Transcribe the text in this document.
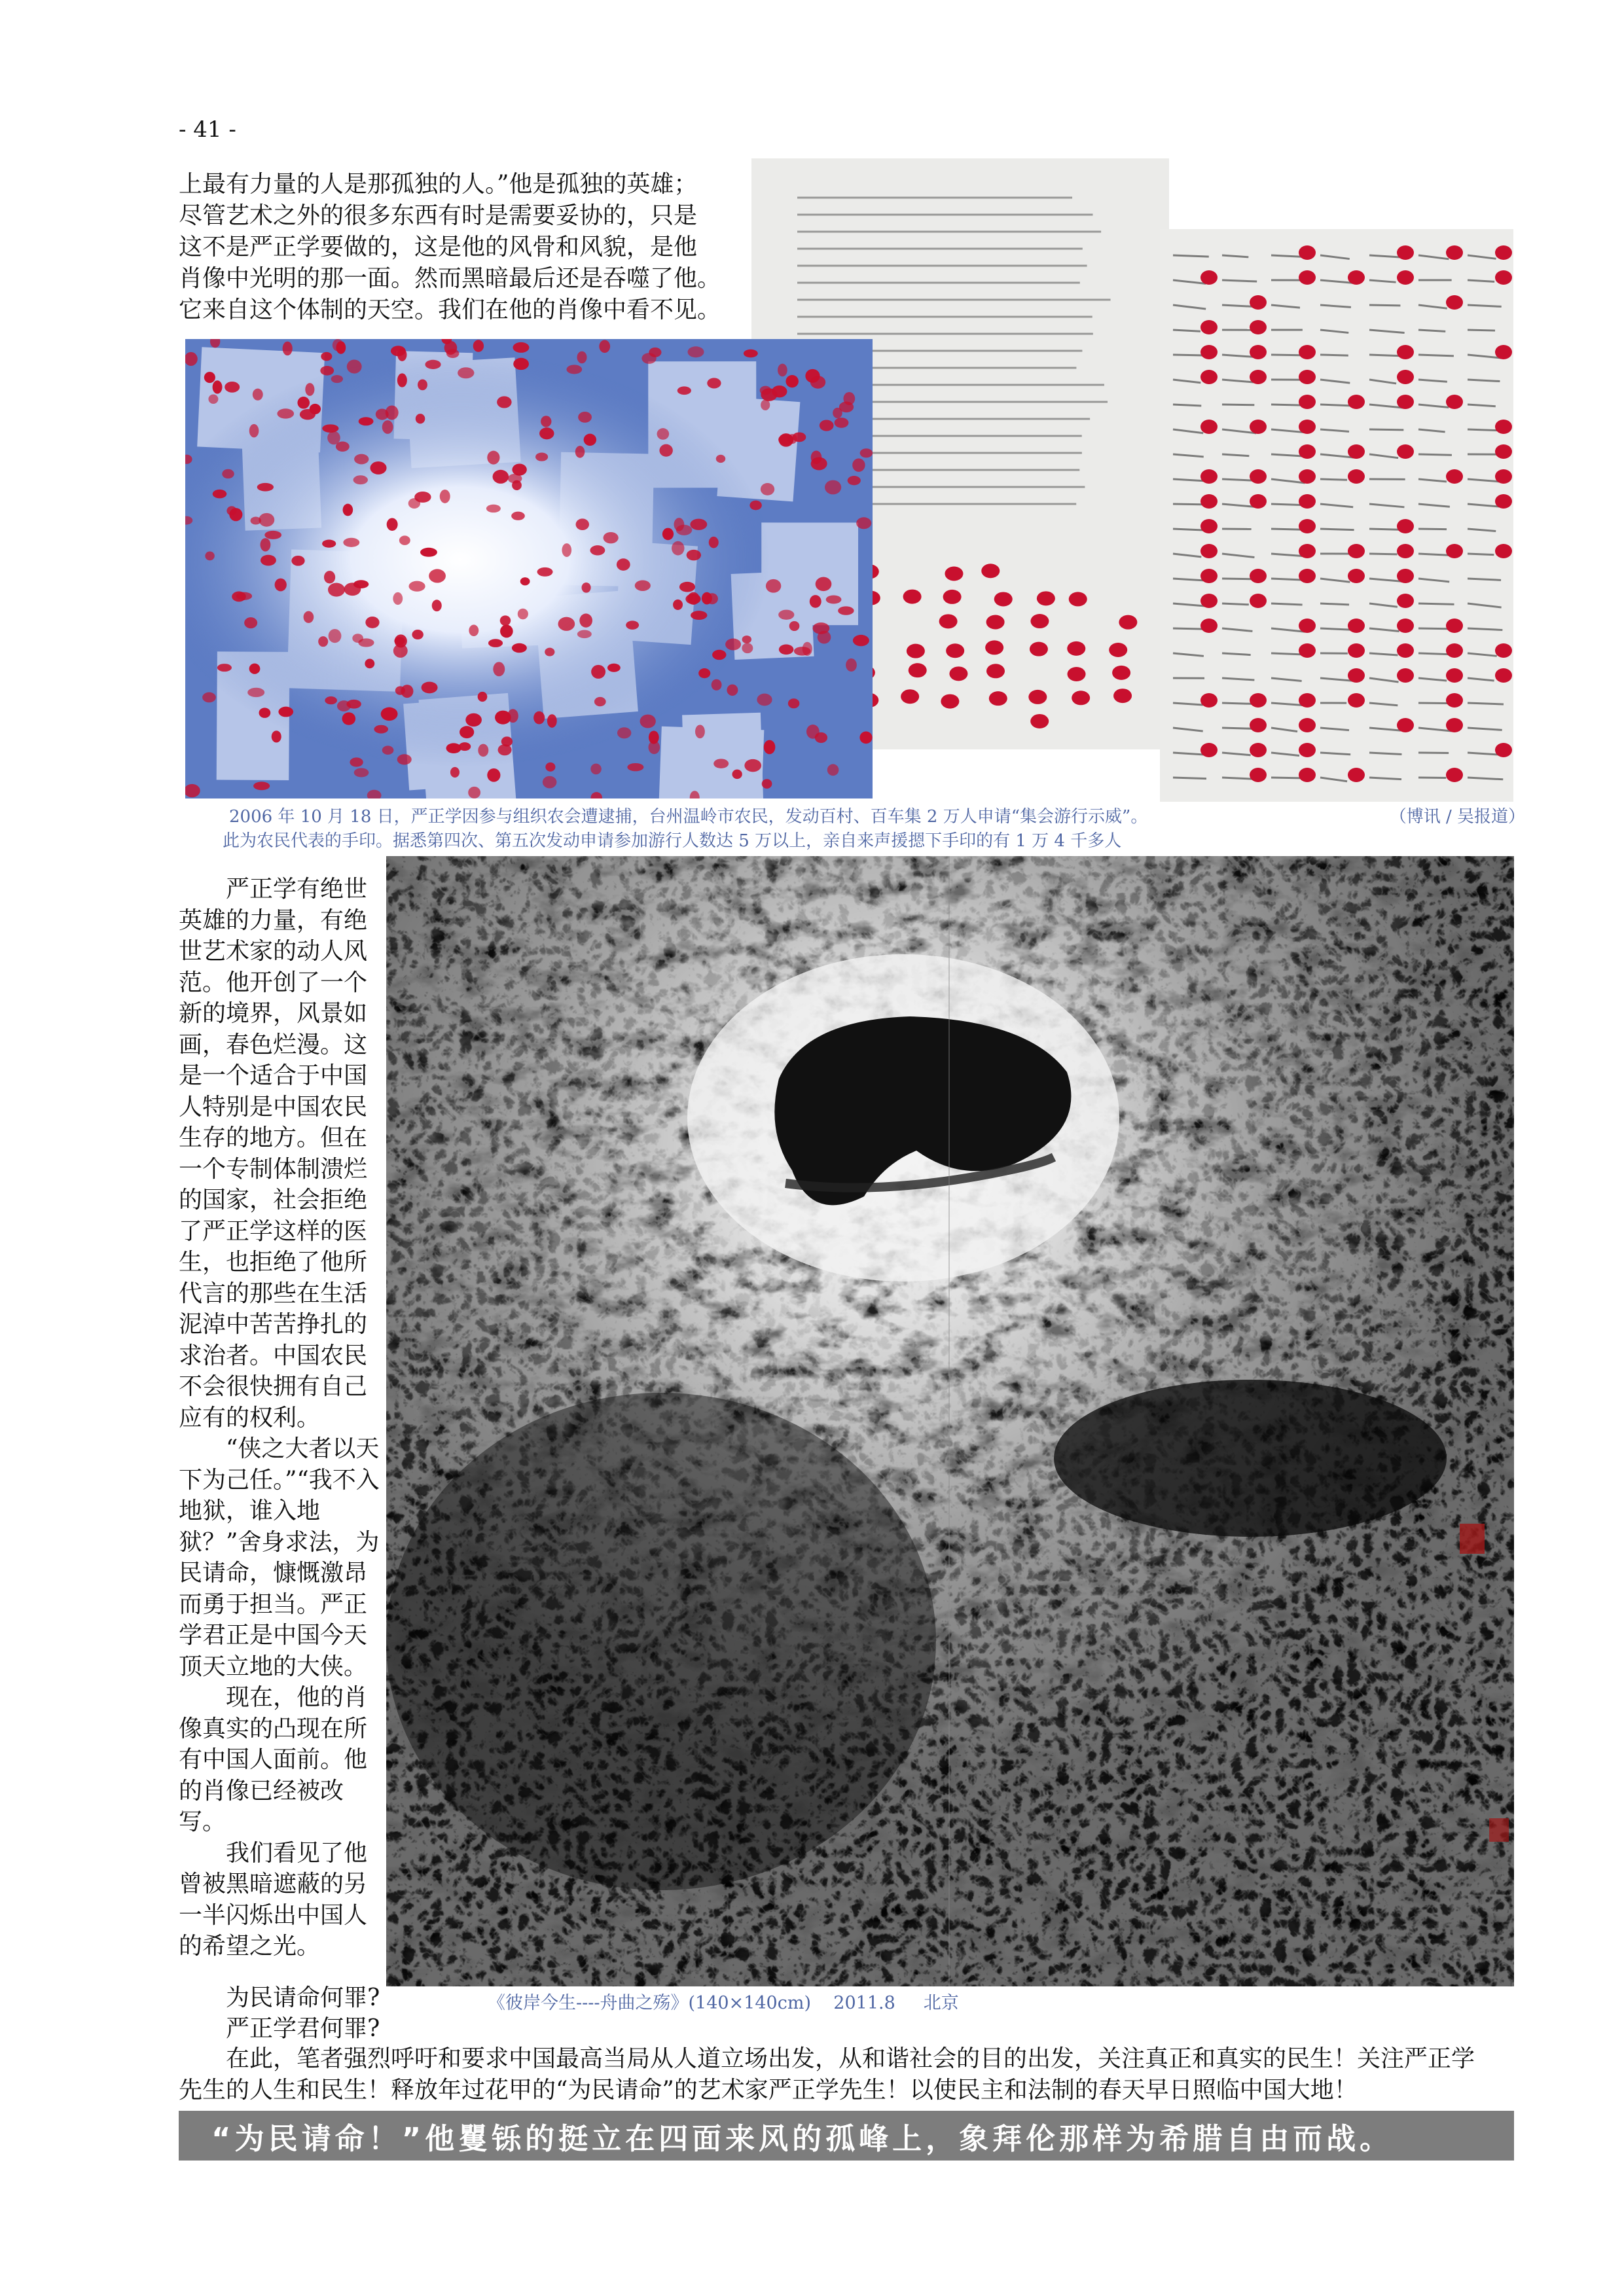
- 41 -

上最有力量的人是那孤独的人。”他是孤独的英雄；

尽管艺术之外的很多东西有时是需要妥协的，只是

这不是严正学要做的，这是他的风骨和风貌，是他

肖像中光明的那一面。然而黑暗最后还是吞噬了他。

它来自这个体制的天空。我们在他的肖像中看不见。

2006 年 10 月 18 日，严正学因参与组织农会遭逮捕，台州温岭市农民，发动百村、百车集 2 万人申请“集会游行示威”。	（博讯 / 吴报道）
此为农民代表的手印。据悉第四次、第五次发动申请参加游行人数达 5 万以上，亲自来声援摁下手印的有 1 万 4 千多人

严正学有绝世英雄的力量，有绝世艺术家的动人风范。他开创了一个新的境界，风景如画，春色烂漫。这是一个适合于中国人特别是中国农民生存的地方。但在一个专制体制溃烂的国家，社会拒绝了严正学这样的医生，也拒绝了他所代言的那些在生活泥淖中苦苦挣扎的求治者。中国农民不会很快拥有自己应有的权利。

“侠之大者以天下为己任。”“我不入地狱，谁入地狱？”舍身求法，为民请命，慷慨激昂而勇于担当。严正学君正是中国今天顶天立地的大侠。

现在，他的肖像真实的凸现在所有中国人面前。他的肖像已经被改写。

我们看见了他曾被黑暗遮蔽的另一半闪烁出中国人的希望之光。

为民请命何罪?
严正学君何罪?
《彼岸今生----舟曲之殇》(140×140cm)    2011.8     北京

在此，笔者强烈呼吁和要求中国最高当局从人道立场出发，从和谐社会的目的出发，关注真正和真实的民生！关注严正学

先生的人生和民生！释放年过花甲的“为民请命”的艺术家严正学先生！以使民主和法制的春天早日照临中国大地！

“为民请命！”他矍铄的挺立在四面来风的孤峰上，象拜伦那样为希腊自由而战。
